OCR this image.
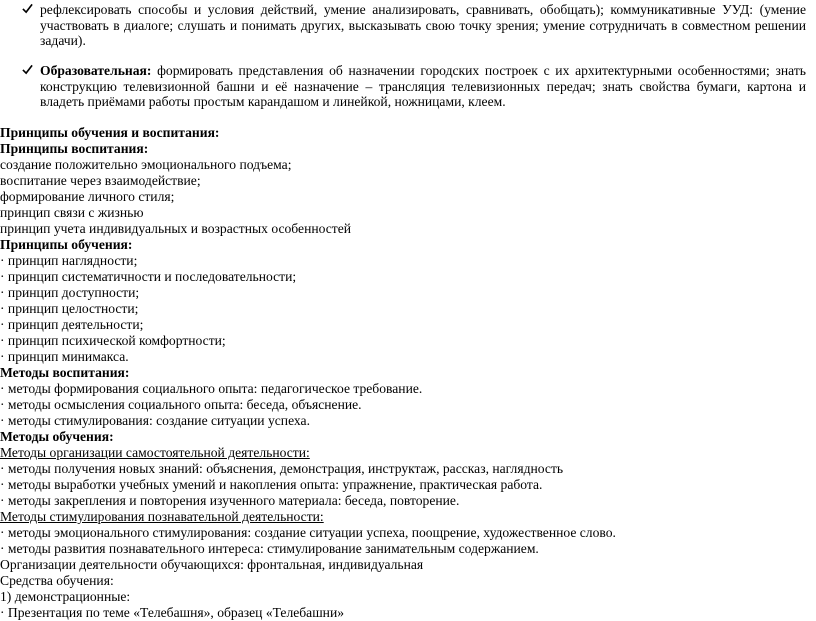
рефлексировать способы и условия действий, умение анализировать, сравнивать, обобщать); коммуникативные УУД: (умение участвовать в диалоге; слушать и понимать других, высказывать свою точку зрения; умение сотрудничать в совместном решении задачи).

Образовательная: формировать представления об назначении городских построек с их архитектурными особенностями; знать конструкцию телевизионной башни и её назначение – трансляция телевизионных передач; знать свойства бумаги, картона и владеть приёмами работы простым карандашом и линейкой, ножницами, клеем.

Принципы обучения и воспитания:
Принципы воспитания:
создание положительно эмоционального подъема;
воспитание через взаимодействие;
формирование личного стиля;
принцип связи с жизнью
принцип учета индивидуальных и возрастных особенностей
Принципы обучения:
· принцип наглядности;
· принцип систематичности и последовательности;
· принцип доступности;
· принцип целостности;
· принцип деятельности;
· принцип психической комфортности;
· принцип минимакса.
Методы воспитания:
· методы формирования социального опыта: педагогическое требование.
· методы осмысления социального опыта: беседа, объяснение.
· методы стимулирования: создание ситуации успеха.
Методы обучения:
Методы организации самостоятельной деятельности:
· методы получения новых знаний: объяснения, демонстрация, инструктаж, рассказ, наглядность
· методы выработки учебных умений и накопления опыта: упражнение, практическая работа.
· методы закрепления и повторения изученного материала: беседа, повторение.
Методы стимулирования познавательной деятельности:
· методы эмоционального стимулирования: создание ситуации успеха, поощрение, художественное слово.
· методы развития познавательного интереса: стимулирование занимательным содержанием.
Организации деятельности обучающихся: фронтальная, индивидуальная
Средства обучения:
1) демонстрационные:
· Презентация по теме «Телебашня», образец «Телебашни»
